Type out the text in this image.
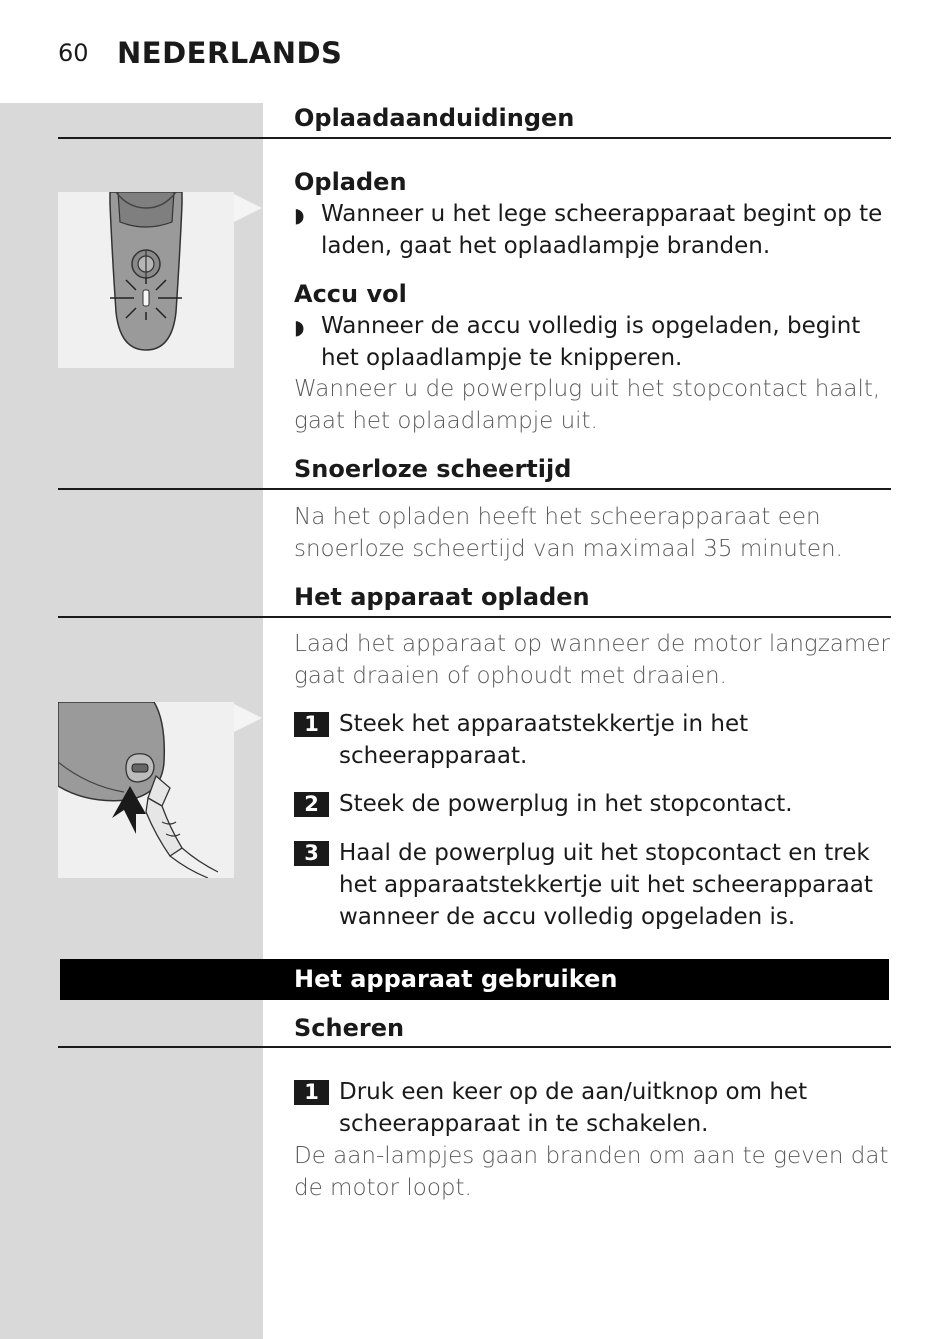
60 NEDERLANDS
Oplaadaanduidingen
Opladen
◗ Wanneer u het lege scheerapparaat begint op te
laden, gaat het oplaadlampje branden.
Accu vol
◗ Wanneer de accu volledig is opgeladen, begint
het oplaadlampje te knipperen.
Wanneer u de powerplug uit het stopcontact haalt,
gaat het oplaadlampje uit.
Snoerloze scheertijd
Na het opladen heeft het scheerapparaat een
snoerloze scheertijd van maximaal 35 minuten.
Het apparaat opladen
Laad het apparaat op wanneer de motor langzamer
gaat draaien of ophoudt met draaien.
1 Steek het apparaatstekkertje in het
scheerapparaat.
2 Steek de powerplug in het stopcontact.
3 Haal de powerplug uit het stopcontact en trek
het apparaatstekkertje uit het scheerapparaat
wanneer de accu volledig opgeladen is.
Het apparaat gebruiken
Scheren
1 Druk een keer op de aan/uitknop om het
scheerapparaat in te schakelen.
De aan-lampjes gaan branden om aan te geven dat
de motor loopt.
